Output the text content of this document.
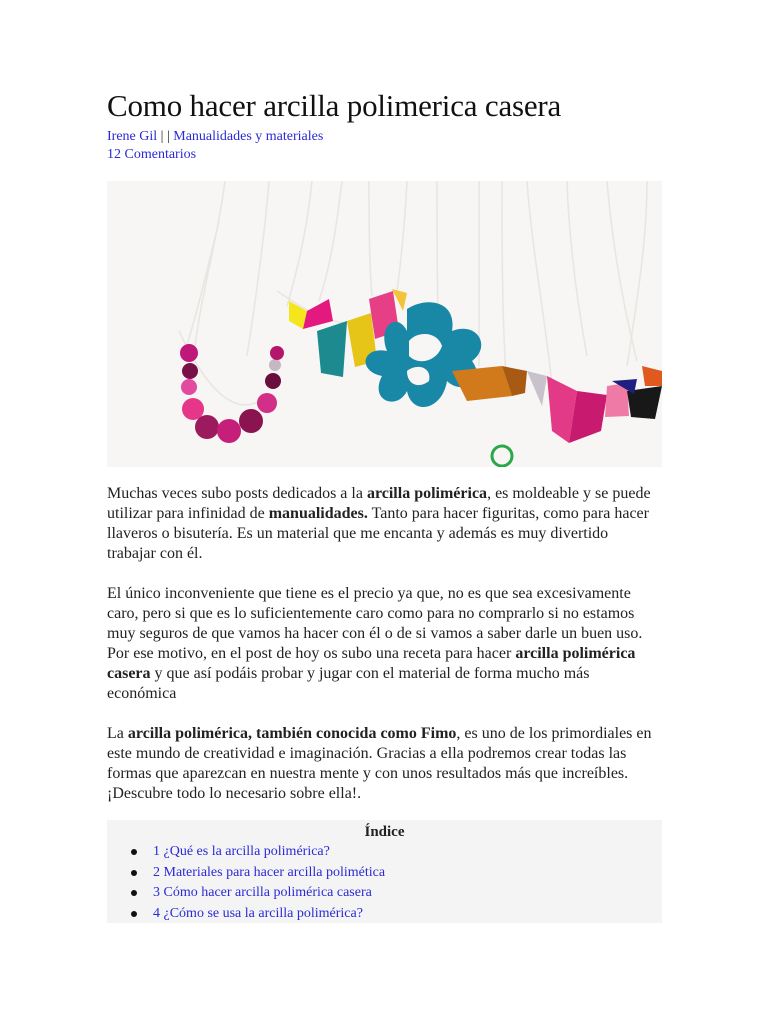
Como hacer arcilla polimerica casera
Irene Gil | | Manualidades y materiales
12 Comentarios

Muchas veces subo posts dedicados a la arcilla polimérica, es moldeable y se puede utilizar para infinidad de manualidades. Tanto para hacer figuritas, como para hacer llaveros o bisutería. Es un material que me encanta y además es muy divertido trabajar con él.

El único inconveniente que tiene es el precio ya que, no es que sea excesivamente caro, pero si que es lo suficientemente caro como para no comprarlo si no estamos muy seguros de que vamos ha hacer con él o de si vamos a saber darle un buen uso. Por ese motivo, en el post de hoy os subo una receta para hacer arcilla polimérica casera y que así podáis probar y jugar con el material de forma mucho más económica

La arcilla polimérica, también conocida como Fimo, es uno de los primordiales en este mundo de creatividad e imaginación. Gracias a ella podremos crear todas las formas que aparezcan en nuestra mente y con unos resultados más que increíbles. ¡Descubre todo lo necesario sobre ella!.

Índice
1 ¿Qué es la arcilla polimérica?
2 Materiales para hacer arcilla polimética
3 Cómo hacer arcilla polimérica casera
4 ¿Cómo se usa la arcilla polimérica?
